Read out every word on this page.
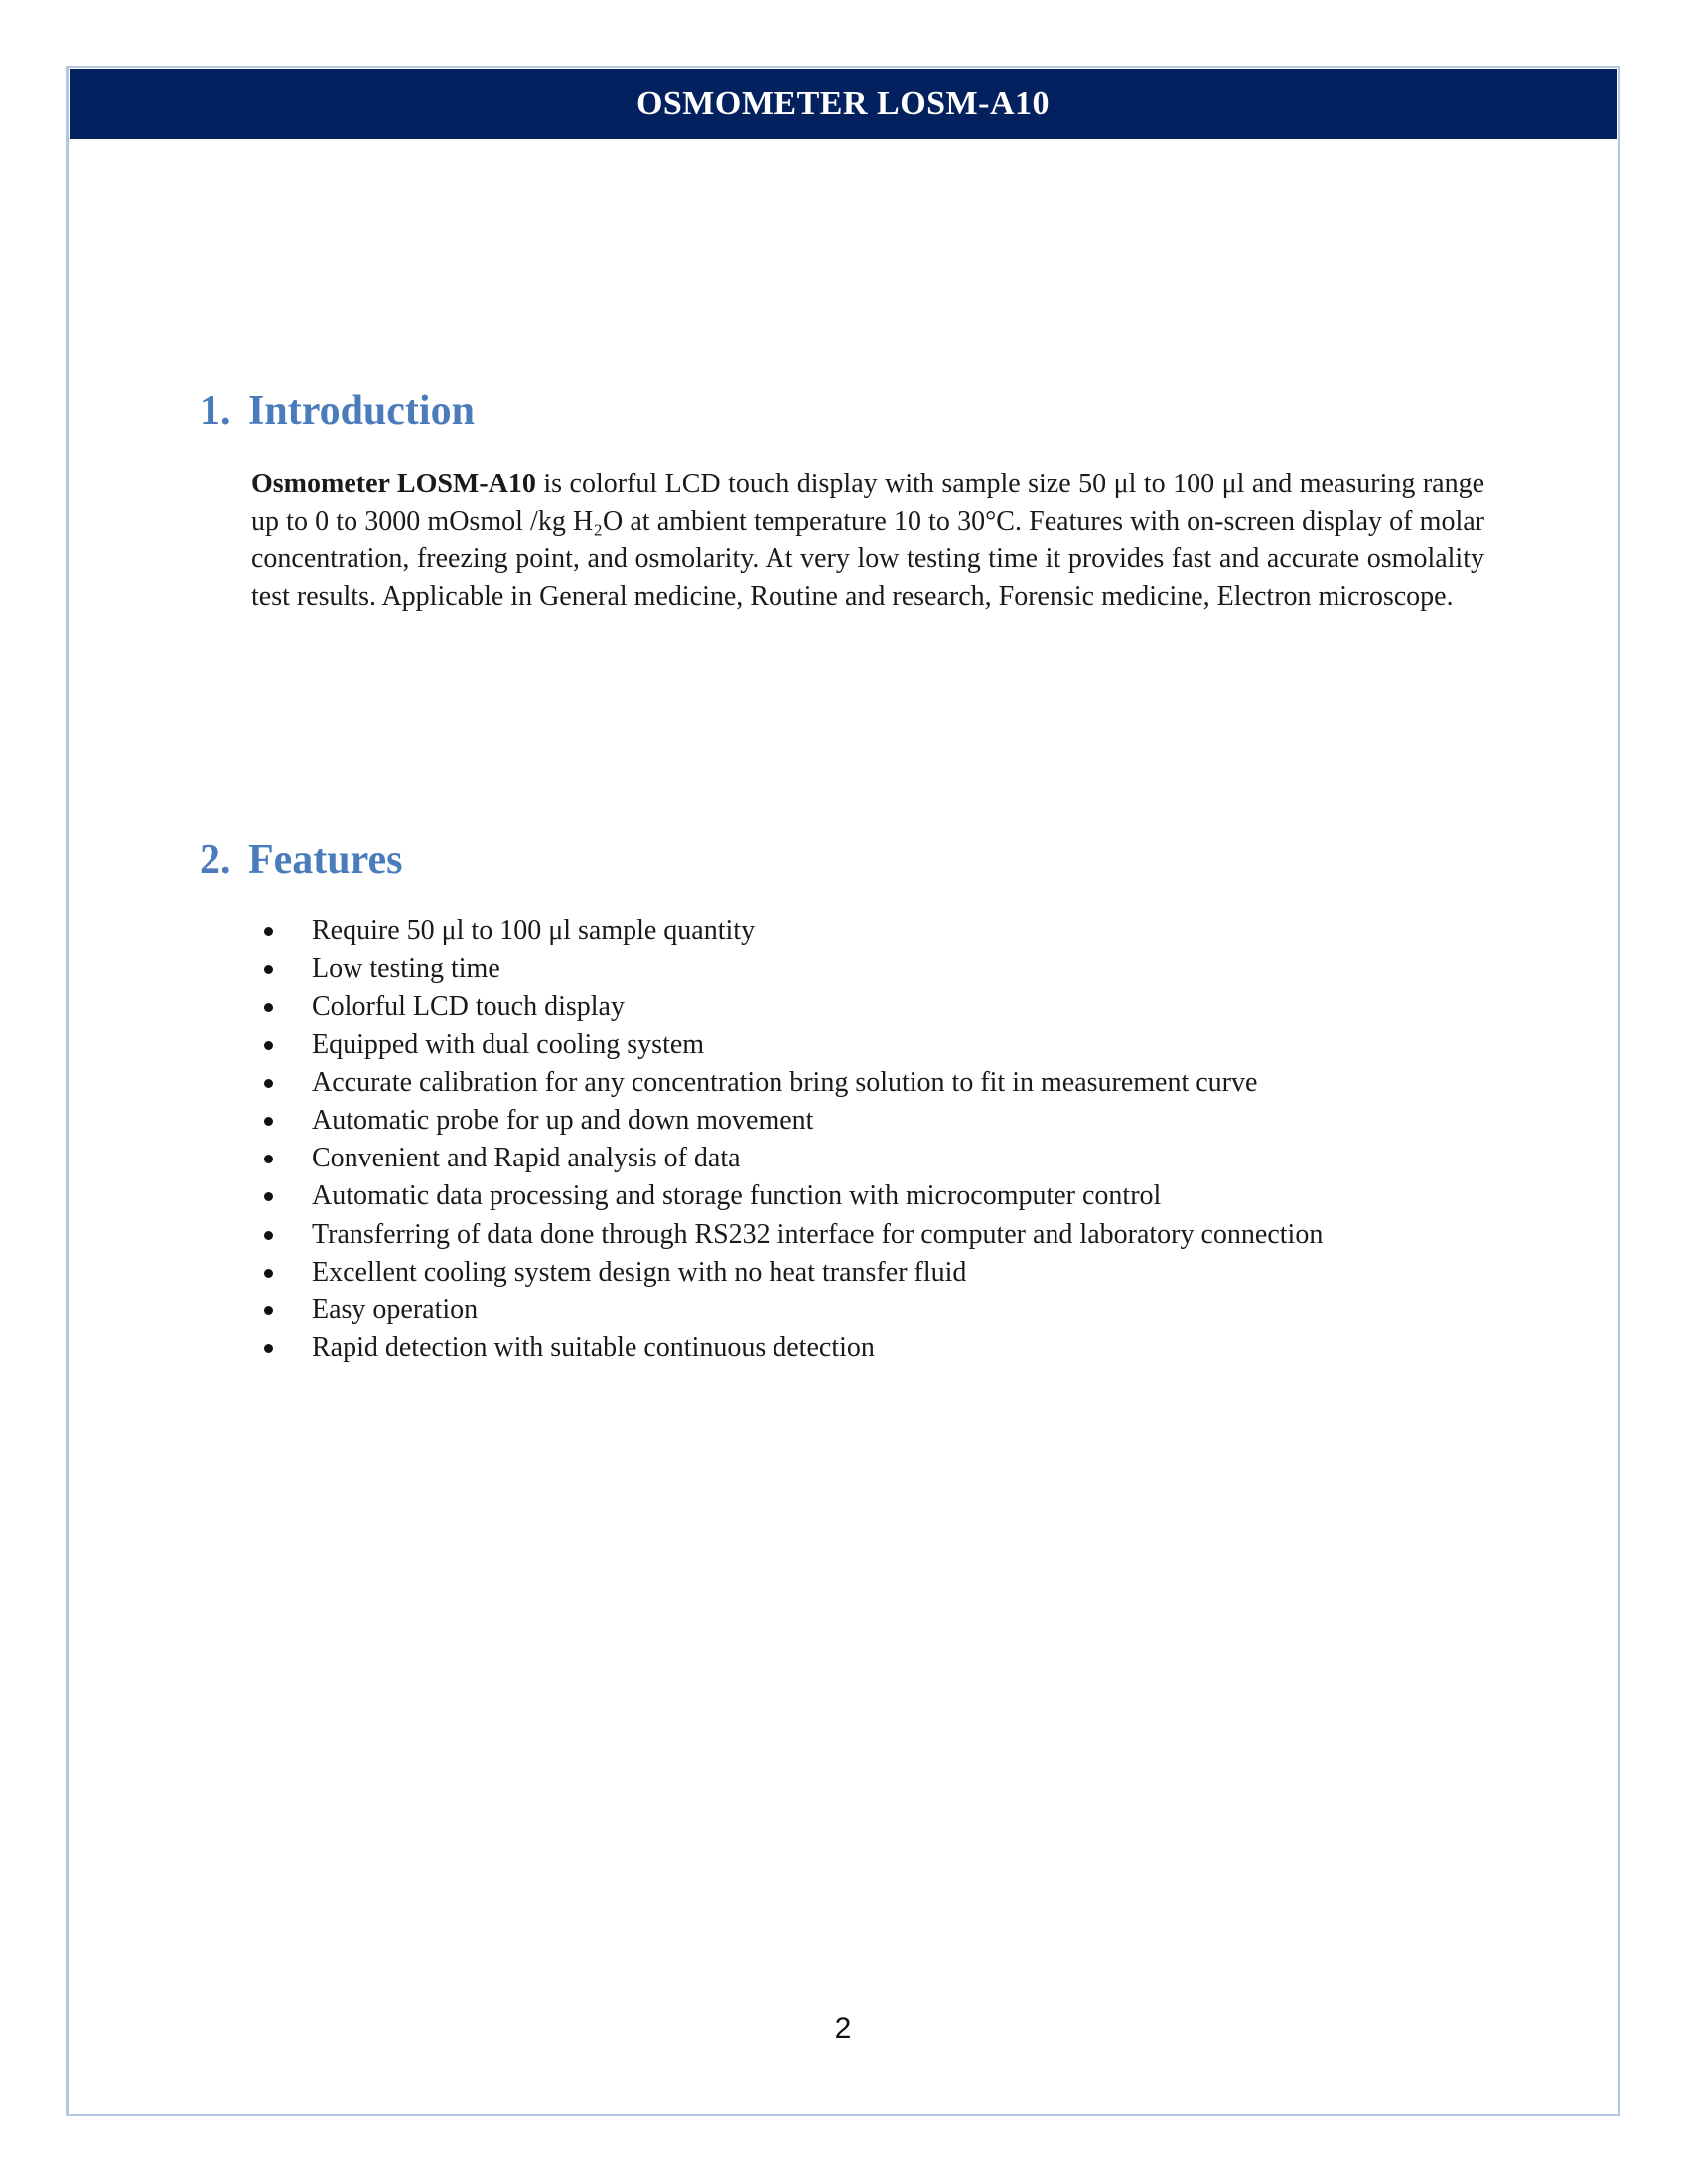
OSMOMETER LOSM-A10
1. Introduction

Osmometer LOSM-A10 is colorful LCD touch display with sample size 50 μl to 100 μl and measuring range up to 0 to 3000 mOsmol /kg H₂O at ambient temperature 10 to 30°C. Features with on-screen display of molar concentration, freezing point, and osmolarity. At very low testing time it provides fast and accurate osmolality test results. Applicable in General medicine, Routine and research, Forensic medicine, Electron microscope.

2. Features
Require 50 μl to 100 μl sample quantity
Low testing time
Colorful LCD touch display
Equipped with dual cooling system
Accurate calibration for any concentration bring solution to fit in measurement curve
Automatic probe for up and down movement
Convenient and Rapid analysis of data
Automatic data processing and storage function with microcomputer control
Transferring of data done through RS232 interface for computer and laboratory connection
Excellent cooling system design with no heat transfer fluid
Easy operation
Rapid detection with suitable continuous detection
2
